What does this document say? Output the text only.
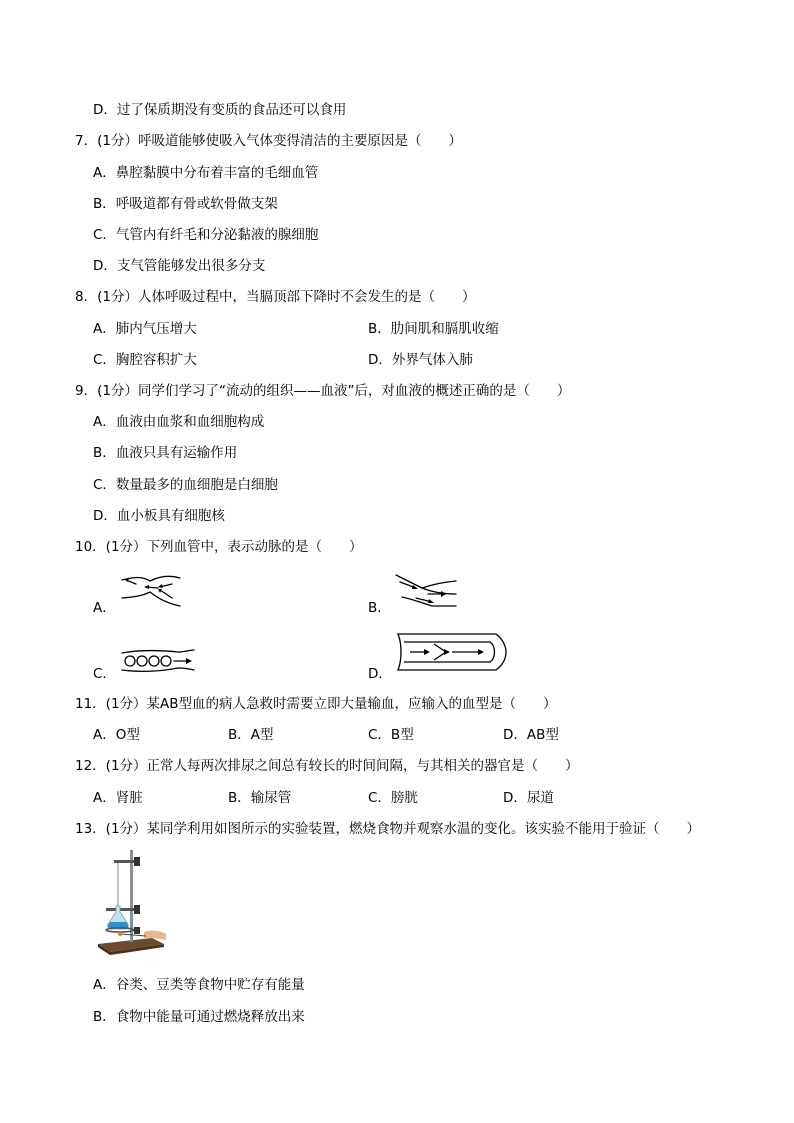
D．过了保质期没有变质的食品还可以食用
7．(1分）呼吸道能够使吸入气体变得清洁的主要原因是（　　）
A．鼻腔黏膜中分布着丰富的毛细血管
B．呼吸道都有骨或软骨做支架
C．气管内有纤毛和分泌黏液的腺细胞
D．支气管能够发出很多分支
8．(1分）人体呼吸过程中，当膈顶部下降时不会发生的是（　　）
A．肺内气压增大	B．肋间肌和膈肌收缩
C．胸腔容积扩大	D．外界气体入肺
9．(1分）同学们学习了“流动的组织——血液”后，对血液的概述正确的是（　　）
A．血液由血浆和血细胞构成
B．血液只具有运输作用
C．数量最多的血细胞是白细胞
D．血小板具有细胞核
10．(1分）下列血管中，表示动脉的是（　　）
A．	B．
C．	D．
11．(1分）某AB型血的病人急救时需要立即大量输血，应输入的血型是（　　）
A．O型	B．A型	C．B型	D．AB型
12．(1分）正常人每两次排尿之间总有较长的时间间隔，与其相关的器官是（　　）
A．肾脏	B．输尿管	C．膀胱	D．尿道
13．(1分）某同学利用如图所示的实验装置，燃烧食物并观察水温的变化。该实验不能用于验证（　　）
A．谷类、豆类等食物中贮存有能量
B．食物中能量可通过燃烧释放出来
